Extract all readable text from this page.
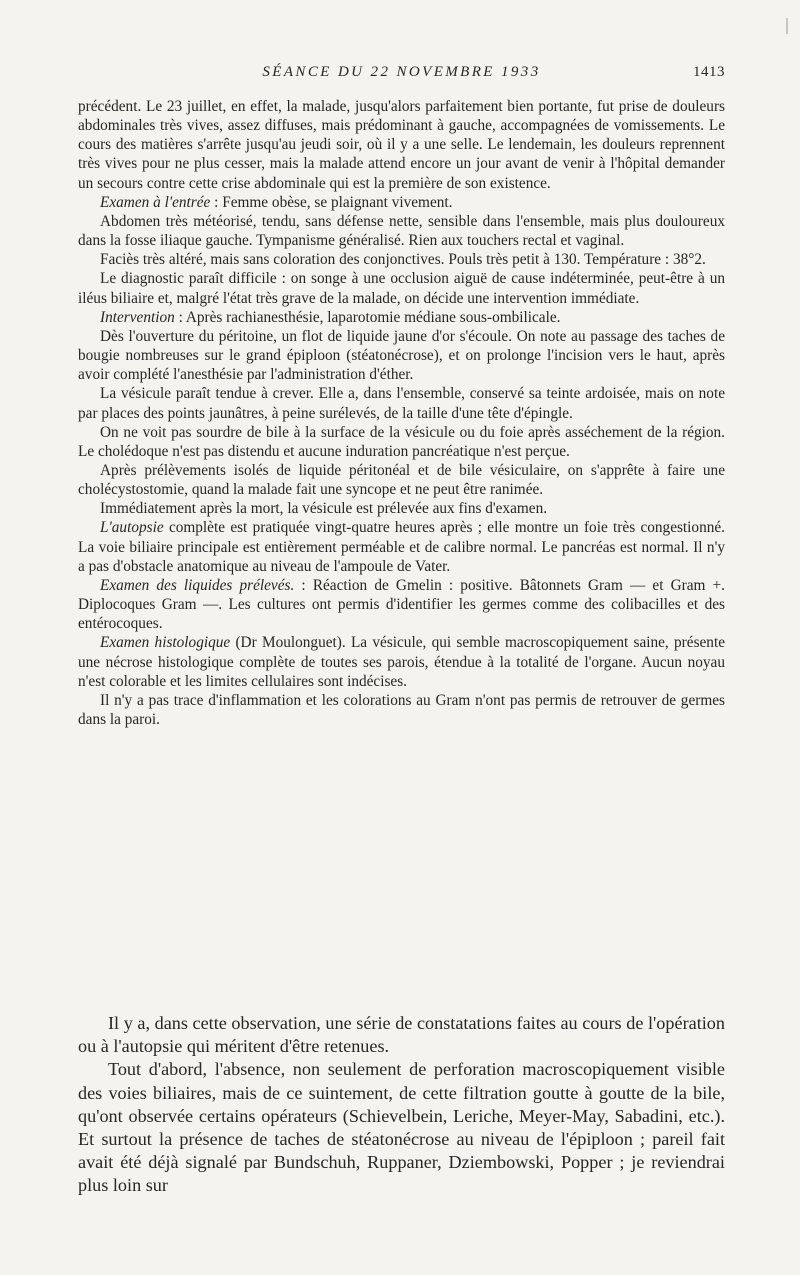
SÉANCE DU 22 NOVEMBRE 1933	1413

précédent. Le 23 juillet, en effet, la malade, jusqu'alors parfaitement bien portante, fut prise de douleurs abdominales très vives, assez diffuses, mais prédominant à gauche, accompagnées de vomissements. Le cours des matières s'arrête jusqu'au jeudi soir, où il y a une selle. Le lendemain, les douleurs reprennent très vives pour ne plus cesser, mais la malade attend encore un jour avant de venir à l'hôpital demander un secours contre cette crise abdominale qui est la première de son existence.

Examen à l'entrée : Femme obèse, se plaignant vivement.

Abdomen très météorisé, tendu, sans défense nette, sensible dans l'ensemble, mais plus douloureux dans la fosse iliaque gauche. Tympanisme généralisé. Rien aux touchers rectal et vaginal.

Faciès très altéré, mais sans coloration des conjonctives. Pouls très petit à 130. Température : 38°2.

Le diagnostic paraît difficile : on songe à une occlusion aiguë de cause indéterminée, peut-être à un iléus biliaire et, malgré l'état très grave de la malade, on décide une intervention immédiate.

Intervention : Après rachianesthésie, laparotomie médiane sous-ombilicale.

Dès l'ouverture du péritoine, un flot de liquide jaune d'or s'écoule. On note au passage des taches de bougie nombreuses sur le grand épiploon (stéatonécrose), et on prolonge l'incision vers le haut, après avoir complété l'anesthésie par l'administration d'éther.

La vésicule paraît tendue à crever. Elle a, dans l'ensemble, conservé sa teinte ardoisée, mais on note par places des points jaunâtres, à peine surélevés, de la taille d'une tête d'épingle.

On ne voit pas sourdre de bile à la surface de la vésicule ou du foie après asséchement de la région. Le cholédoque n'est pas distendu et aucune induration pancréatique n'est perçue.

Après prélèvements isolés de liquide péritonéal et de bile vésiculaire, on s'apprête à faire une cholécystostomie, quand la malade fait une syncope et ne peut être ranimée.

Immédiatement après la mort, la vésicule est prélevée aux fins d'examen.

L'autopsie complète est pratiquée vingt-quatre heures après ; elle montre un foie très congestionné. La voie biliaire principale est entièrement perméable et de calibre normal. Le pancréas est normal. Il n'y a pas d'obstacle anatomique au niveau de l'ampoule de Vater.

Examen des liquides prélevés. : Réaction de Gmelin : positive. Bâtonnets Gram — et Gram +. Diplocoques Gram —. Les cultures ont permis d'identifier les germes comme des colibacilles et des entérocoques.

Examen histologique (Dr Moulonguet). La vésicule, qui semble macroscopiquement saine, présente une nécrose histologique complète de toutes ses parois, étendue à la totalité de l'organe. Aucun noyau n'est colorable et les limites cellulaires sont indécises.

Il n'y a pas trace d'inflammation et les colorations au Gram n'ont pas permis de retrouver de germes dans la paroi.

Il y a, dans cette observation, une série de constatations faites au cours de l'opération ou à l'autopsie qui méritent d'être retenues.

Tout d'abord, l'absence, non seulement de perforation macroscopiquement visible des voies biliaires, mais de ce suintement, de cette filtration goutte à goutte de la bile, qu'ont observée certains opérateurs (Schievelbein, Leriche, Meyer-May, Sabadini, etc.). Et surtout la présence de taches de stéatonécrose au niveau de l'épiploon ; pareil fait avait été déjà signalé par Bundschuh, Ruppaner, Dziembowski, Popper ; je reviendrai plus loin sur
